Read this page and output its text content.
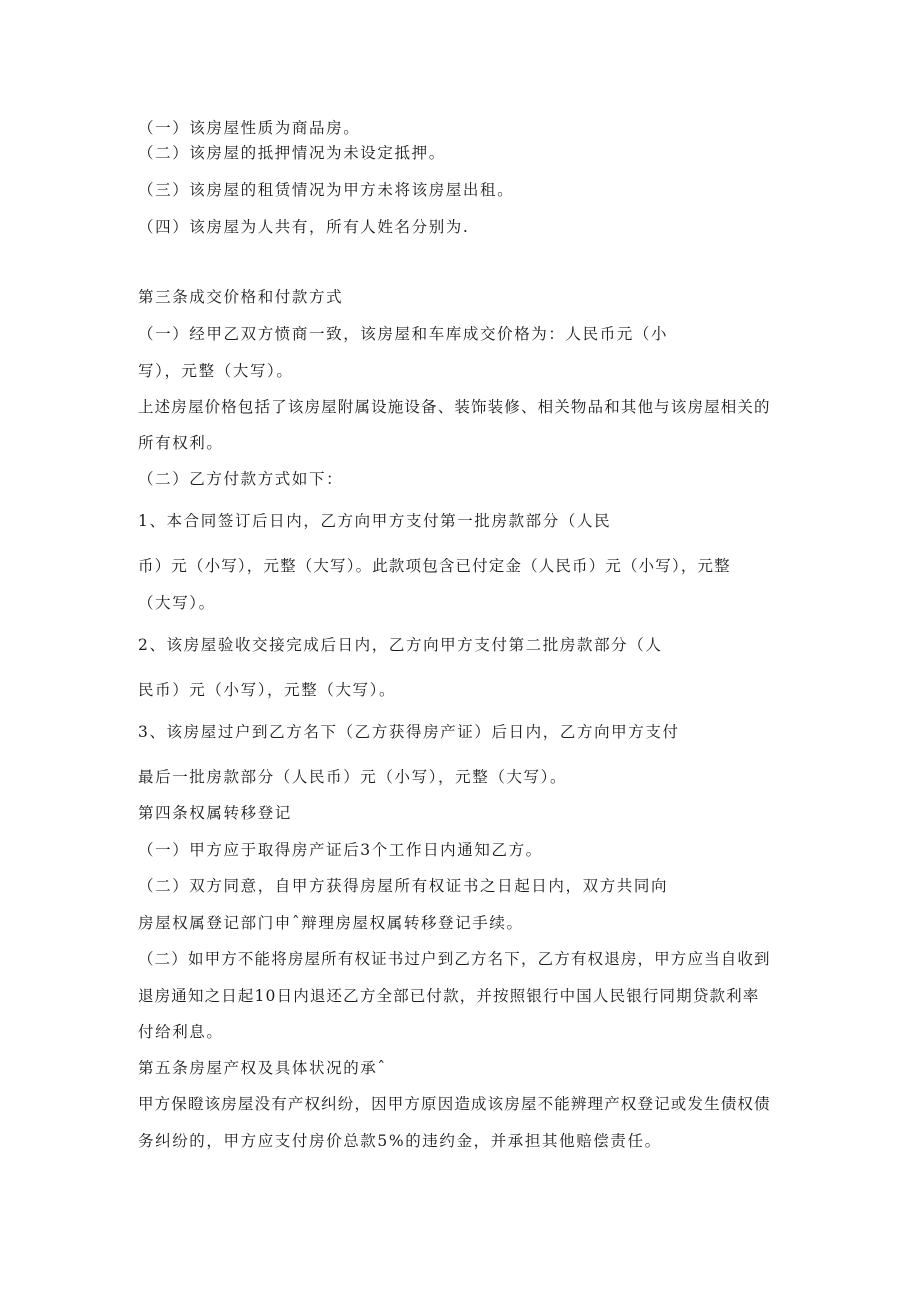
（一）该房屋性质为商品房。
（二）该房屋的抵押情况为未设定抵押。
（三）该房屋的租赁情况为甲方未将该房屋出租。
（四）该房屋为人共有，所有人姓名分别为.
第三条成交价格和付款方式
（一）经甲乙双方愤商一致，该房屋和车库成交价格为：人民币元（小
写），元整（大写）。
上述房屋价格包括了该房屋附属设施设备、装饰装修、相关物品和其他与该房屋相关的
所有权利。
（二）乙方付款方式如下：
1、本合同签订后日内，乙方向甲方支付第一批房款部分（人民
币）元（小写），元整（大写）。此款项包含已付定金（人民币）元（小写），元整
（大写）。
2、该房屋验收交接完成后日内，乙方向甲方支付第二批房款部分（人
民币）元（小写），元整（大写）。
3、该房屋过户到乙方名下（乙方获得房产证）后日内，乙方向甲方支付
最后一批房款部分（人民币）元（小写），元整（大写）。
第四条权属转移登记
（一）甲方应于取得房产证后3个工作日内通知乙方。
（二）双方同意，自甲方获得房屋所有权证书之日起日内，双方共同向
房屋权属登记部门申ˆ辩理房屋权属转移登记手续。
（二）如甲方不能将房屋所有权证书过户到乙方名下，乙方有权退房，甲方应当自收到
退房通知之日起10日内退还乙方全部已付款，并按照银行中国人民银行同期贷款利率
付给利息。
第五条房屋产权及具体状况的承ˆ
甲方保瞪该房屋没有产权纠纷，因甲方原因造成该房屋不能辨理产权登记或发生债权债
务纠纷的，甲方应支付房价总款5%的违约金，并承担其他赔偿责任。
